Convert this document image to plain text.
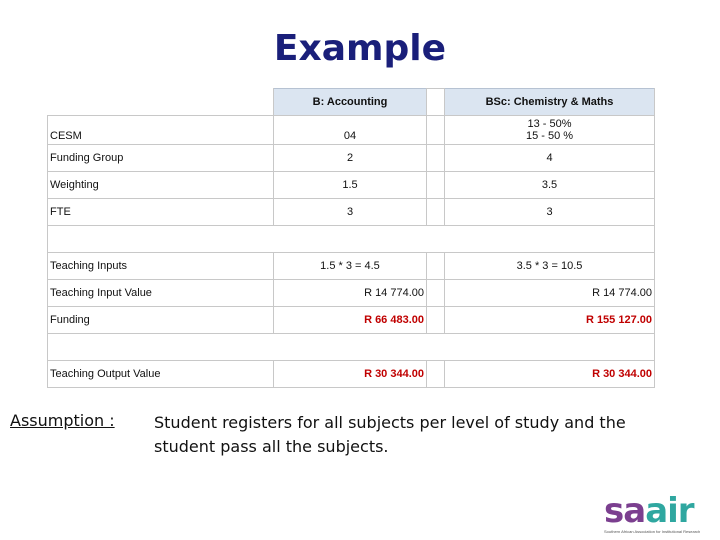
Example
	B: Accounting		BSc: Chemistry & Maths
CESM	04		13 - 50%
15 - 50 %

Funding Group	2		4
Weighting	1.5		3.5
FTE	3		3

Teaching Inputs	1.5 * 3 = 4.5		3.5 * 3 = 10.5
Teaching Input Value	R 14 774.00		R 14 774.00
Funding	R 66 483.00		R 155 127.00

Teaching Output Value	R 30 344.00		R 30 344.00
Assumption : Student registers for all subjects per level of study and the student pass all the subjects.
saair
Southern African Association for Institutional Research
